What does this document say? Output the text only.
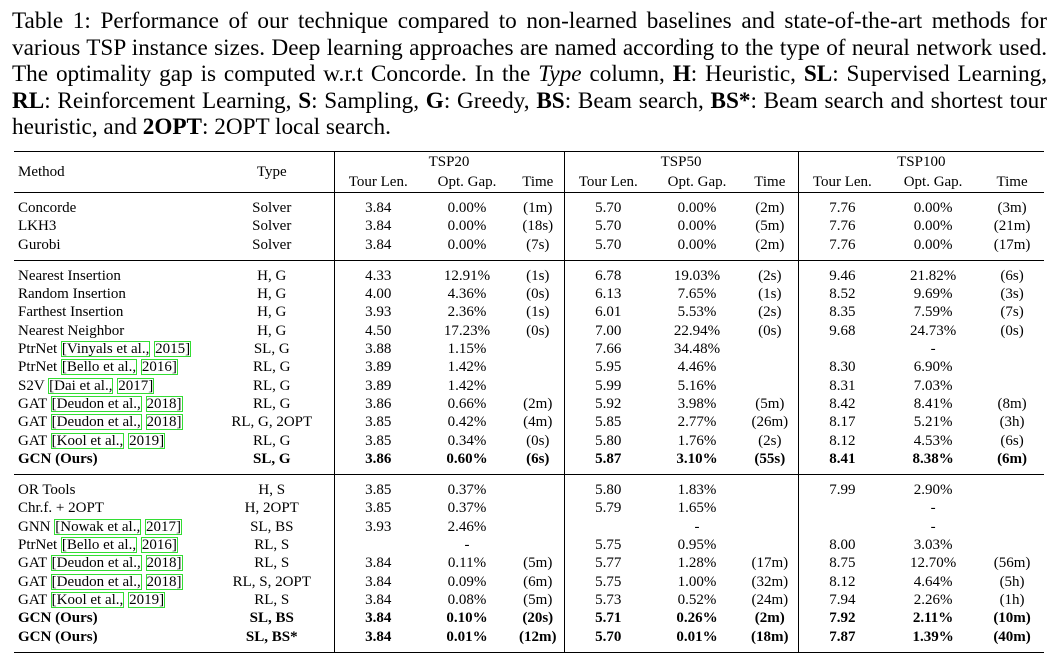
Table 1: Performance of our technique compared to non-learned baselines and state-of-the-art methods for various TSP instance sizes. Deep learning approaches are named according to the type of neural network used. The optimality gap is computed w.r.t Concorde. In the Type column, H: Heuristic, SL: Supervised Learning, RL: Reinforcement Learning, S: Sampling, G: Greedy, BS: Beam search, BS*: Beam search and shortest tour heuristic, and 2OPT: 2OPT local search.
Method	Type	TSP20			TSP50			TSP100		
		Tour Len.	Opt. Gap.	Time	Tour Len.	Opt. Gap.	Time	Tour Len.	Opt. Gap.	Time
Concorde	Solver	3.84	0.00%	(1m)	5.70	0.00%	(2m)	7.76	0.00%	(3m)
LKH3	Solver	3.84	0.00%	(18s)	5.70	0.00%	(5m)	7.76	0.00%	(21m)
Gurobi	Solver	3.84	0.00%	(7s)	5.70	0.00%	(2m)	7.76	0.00%	(17m)
Nearest Insertion	H, G	4.33	12.91%	(1s)	6.78	19.03%	(2s)	9.46	21.82%	(6s)
Random Insertion	H, G	4.00	4.36%	(0s)	6.13	7.65%	(1s)	8.52	9.69%	(3s)
Farthest Insertion	H, G	3.93	2.36%	(1s)	6.01	5.53%	(2s)	8.35	7.59%	(7s)
Nearest Neighbor	H, G	4.50	17.23%	(0s)	7.00	22.94%	(0s)	9.68	24.73%	(0s)
PtrNet [Vinyals et al., 2015]	SL, G	3.88	1.15%		7.66	34.48%			-	
PtrNet [Bello et al., 2016]	RL, G	3.89	1.42%		5.95	4.46%		8.30	6.90%	
S2V [Dai et al., 2017]	RL, G	3.89	1.42%		5.99	5.16%		8.31	7.03%	
GAT [Deudon et al., 2018]	RL, G	3.86	0.66%	(2m)	5.92	3.98%	(5m)	8.42	8.41%	(8m)
GAT [Deudon et al., 2018]	RL, G, 2OPT	3.85	0.42%	(4m)	5.85	2.77%	(26m)	8.17	5.21%	(3h)
GAT [Kool et al., 2019]	RL, G	3.85	0.34%	(0s)	5.80	1.76%	(2s)	8.12	4.53%	(6s)
GCN (Ours)	SL, G	3.86	0.60%	(6s)	5.87	3.10%	(55s)	8.41	8.38%	(6m)
OR Tools	H, S	3.85	0.37%		5.80	1.83%		7.99	2.90%	
Chr.f. + 2OPT	H, 2OPT	3.85	0.37%		5.79	1.65%			-	
GNN [Nowak et al., 2017]	SL, BS	3.93	2.46%			-			-	
PtrNet [Bello et al., 2016]	RL, S		-		5.75	0.95%		8.00	3.03%	
GAT [Deudon et al., 2018]	RL, S	3.84	0.11%	(5m)	5.77	1.28%	(17m)	8.75	12.70%	(56m)
GAT [Deudon et al., 2018]	RL, S, 2OPT	3.84	0.09%	(6m)	5.75	1.00%	(32m)	8.12	4.64%	(5h)
GAT [Kool et al., 2019]	RL, S	3.84	0.08%	(5m)	5.73	0.52%	(24m)	7.94	2.26%	(1h)
GCN (Ours)	SL, BS	3.84	0.10%	(20s)	5.71	0.26%	(2m)	7.92	2.11%	(10m)
GCN (Ours)	SL, BS*	3.84	0.01%	(12m)	5.70	0.01%	(18m)	7.87	1.39%	(40m)
